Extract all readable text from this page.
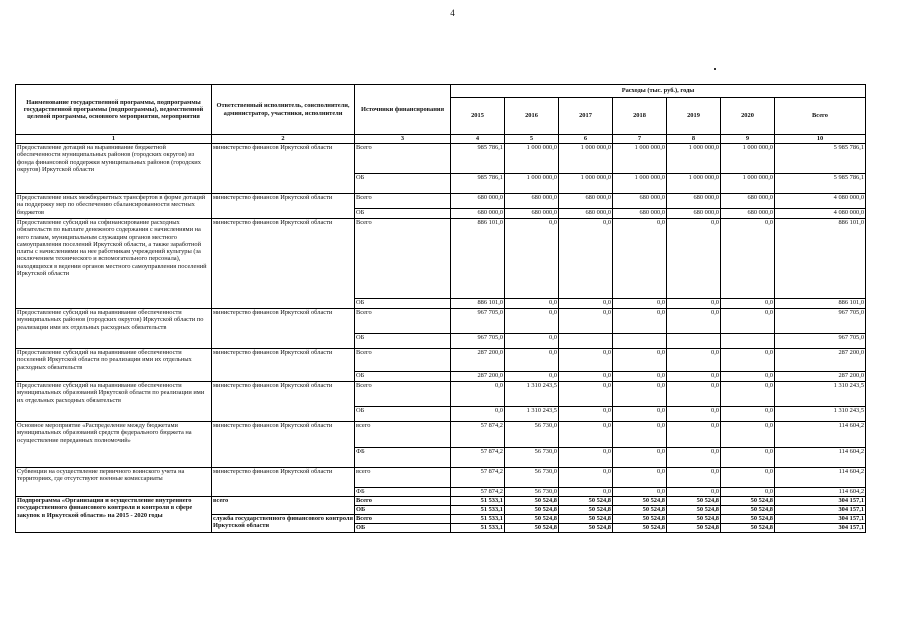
4
Наименование государственной программы, подпрограммы государственной программы (подпрограммы), ведомственной целевой программы, основного мероприятия, мероприятия	Ответственный исполнитель, соисполнители, администратор, участники, исполнители	Источники финансирования	Расходы (тыс. руб.), годы						
			2015	2016	2017	2018	2019	2020	Всего
1	2	3	4	5	6	7	8	9	10
Предоставление дотаций на выравнивание бюджетной обеспеченности муниципальных районов (городских округов) из фонда финансовой поддержки муниципальных районов (городских округов) Иркутской области	министерство финансов Иркутской области	Всего	985 786,1	1 000 000,0	1 000 000,0	1 000 000,0	1 000 000,0	1 000 000,0	5 985 786,1
		ОБ	985 786,1	1 000 000,0	1 000 000,0	1 000 000,0	1 000 000,0	1 000 000,0	5 985 786,1
Предоставление иных межбюджетных трансфертов в форме дотаций на поддержку мер по обеспечению сбалансированности местных бюджетов	министерство финансов Иркутской области	Всего	680 000,0	680 000,0	680 000,0	680 000,0	680 000,0	680 000,0	4 080 000,0
		ОБ	680 000,0	680 000,0	680 000,0	680 000,0	680 000,0	680 000,0	4 080 000,0
Предоставление субсидий на софинансирование расходных обязательств по выплате денежного содержания с начислениями на него главам, муниципальным служащим органов местного самоуправления поселений Иркутской области, а также заработной платы с начислениями на нее работникам учреждений культуры (за исключением технического и вспомогательного персонала), находящихся в ведении органов местного самоуправления поселений Иркутской области	министерство финансов Иркутской области	Всего	886 101,0	0,0	0,0	0,0	0,0	0,0	886 101,0
		ОБ	886 101,0	0,0	0,0	0,0	0,0	0,0	886 101,0
Предоставление субсидий на выравнивание обеспеченности муниципальных районов (городских округов) Иркутской области по реализации ими их отдельных расходных обязательств	министерство финансов Иркутской области	Всего	967 705,0	0,0	0,0	0,0	0,0	0,0	967 705,0
		ОБ	967 705,0	0,0					967 705,0
Предоставление субсидий на выравнивание обеспеченности поселений Иркутской области по реализации ими их отдельных расходных обязательств	министерство финансов Иркутской области	Всего	287 200,0	0,0	0,0	0,0	0,0	0,0	287 200,0
		ОБ	287 200,0	0,0	0,0	0,0	0,0	0,0	287 200,0
Предоставление субсидий на выравнивание обеспеченности муниципальных образований Иркутской области по реализации ими их отдельных расходных обязательств	министерство финансов Иркутской области	Всего	0,0	1 310 243,5	0,0	0,0	0,0	0,0	1 310 243,5
		ОБ	0,0	1 310 243,5	0,0	0,0	0,0	0,0	1 310 243,5
Основное мероприятие «Распределение между бюджетами муниципальных образований средств федерального бюджета на осуществление переданных полномочий»	министерство финансов Иркутской области	всего	57 874,2	56 730,0	0,0	0,0	0,0	0,0	114 604,2
		ФБ	57 874,2	56 730,0	0,0	0,0	0,0	0,0	114 604,2
Субвенции на осуществление первичного воинского учета на территориях, где отсутствуют военные комиссариаты	министерство финансов Иркутской области	всего	57 874,2	56 730,0	0,0	0,0	0,0	0,0	114 604,2
		ФБ	57 874,2	56 730,0	0,0	0,0	0,0	0,0	114 604,2
Подпрограмма «Организация и осуществление внутреннего государственного финансового контроля и контроля в сфере закупок в Иркутской области» на 2015 - 2020 годы	всего	Всего	51 533,1	50 524,8	50 524,8	50 524,8	50 524,8	50 524,8	304 157,1
		ОБ	51 533,1	50 524,8	50 524,8	50 524,8	50 524,8	50 524,8	304 157,1
	служба государственного финансового контроля Иркутской области	Всего	51 533,1	50 524,8	50 524,8	50 524,8	50 524,8	50 524,8	304 157,1
		ОБ	51 533,1	50 524,8	50 524,8	50 524,8	50 524,8	50 524,8	304 157,1
